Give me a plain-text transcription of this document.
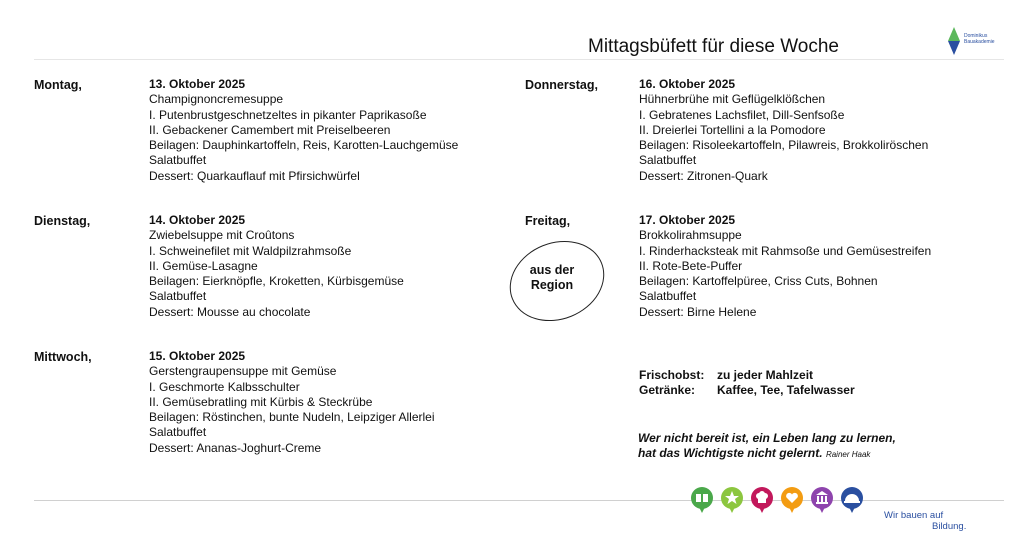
Mittagsbüfett für diese Woche	Dominikus
Bauakademie
Montag,	13. Oktober 2025
Champignoncremesuppe
I. Putenbrustgeschnetzeltes in pikanter Paprikasoße
II. Gebackener Camembert mit Preiselbeeren
Beilagen: Dauphinkartoffeln, Reis, Karotten-Lauchgemüse
Salatbuffet
Dessert: Quarkauflauf mit Pfirsichwürfel
Dienstag,	14. Oktober 2025
Zwiebelsuppe mit Croûtons
I. Schweinefilet mit Waldpilzrahmsoße
II. Gemüse-Lasagne
Beilagen: Eierknöpfle, Kroketten, Kürbisgemüse
Salatbuffet
Dessert: Mousse au chocolate
Mittwoch,	15. Oktober 2025
Gerstengraupensuppe mit Gemüse
I. Geschmorte Kalbsschulter
II. Gemüsebratling mit Kürbis & Steckrübe
Beilagen: Röstinchen, bunte Nudeln, Leipziger Allerlei
Salatbuffet
Dessert: Ananas-Joghurt-Creme
Donnerstag,	16. Oktober 2025
Hühnerbrühe mit Geflügelklößchen
I. Gebratenes Lachsfilet, Dill-Senfsoße
II. Dreierlei Tortellini a la Pomodore
Beilagen: Risoleekartoffeln, Pilawreis, Brokkoliröschen
Salatbuffet
Dessert: Zitronen-Quark
Freitag,	17. Oktober 2025
Brokkolirahmsuppe
I. Rinderhacksteak mit Rahmsoße und Gemüsestreifen
II. Rote-Bete-Puffer
Beilagen: Kartoffelpüree, Criss Cuts, Bohnen
Salatbuffet
Dessert: Birne Helene
aus der
Region
Frischobst: zu jeder Mahlzeit
Getränke: Kaffee, Tee, Tafelwasser
Wer nicht bereit ist, ein Leben lang zu lernen,
hat das Wichtigste nicht gelernt. Rainer Haak
Wir bauen auf
Bildung.
